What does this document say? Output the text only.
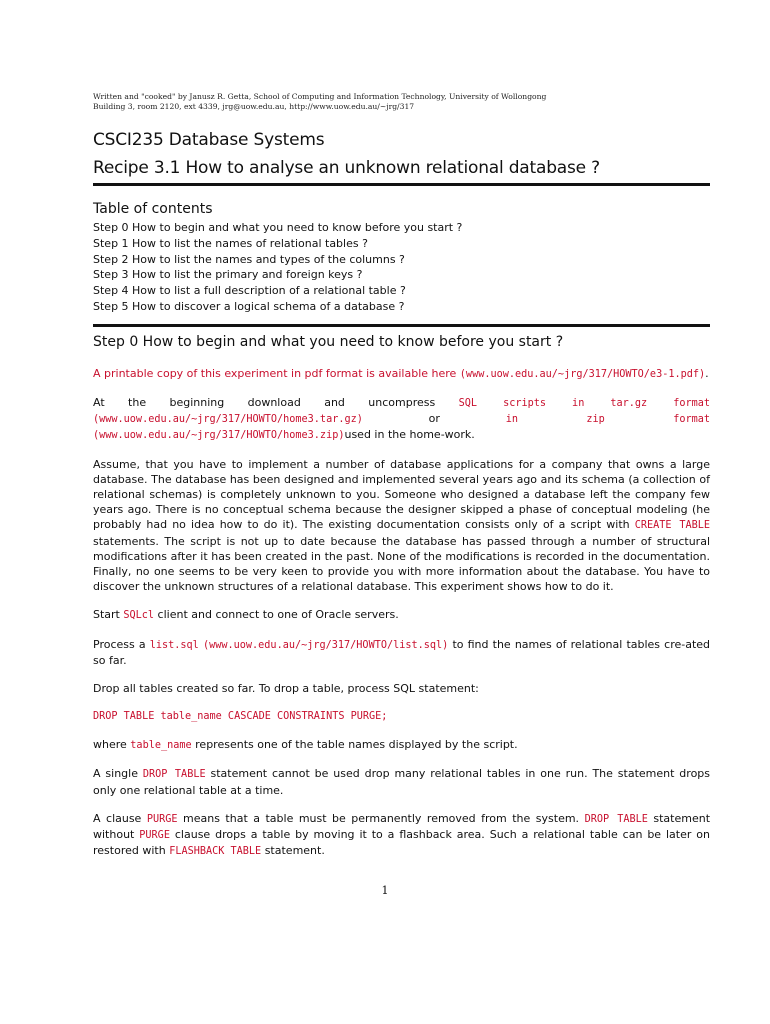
Written and "cooked" by Janusz R. Getta, School of Computing and Information Technology, University of Wollongong
Building 3, room 2120, ext 4339, jrg@uow.edu.au, http://www.uow.edu.au/~jrg/317

CSCI235 Database Systems
Recipe 3.1 How to analyse an unknown relational database ?
Table of contents
Step 0 How to begin and what you need to know before you start ?
Step 1 How to list the names of relational tables ?
Step 2 How to list the names and types of the columns ?
Step 3 How to list the primary and foreign keys ?
Step 4 How to list a full description of a relational table ?
Step 5 How to discover a logical schema of a database ?
Step 0 How to begin and what you need to know before you start ?

A printable copy of this experiment in pdf format is available here (www.uow.edu.au/~jrg/317/HOWTO/e3-1.pdf).

At the beginning download and uncompress SQL scripts in tar.gz format (www.uow.edu.au/~jrg/317/HOWTO/home3.tar.gz)	or	in zip format (www.uow.edu.au/~jrg/317/HOWTO/home3.zip)used in the home-work.

Assume, that you have to implement a number of database applications for a company that owns a large database. The database has been designed and implemented several years ago and its schema (a collection of relational schemas) is completely unknown to you. Someone who designed a database left the company few years ago. There is no conceptual schema because the designer skipped a phase of conceptual modeling (he probably had no idea how to do it). The existing documentation consists only of a script with CREATE TABLE statements. The script is not up to date because the database has passed through a number of structural modifications after it has been created in the past. None of the modifications is recorded in the documentation. Finally, no one seems to be very keen to provide you with more information about the database. You have to discover the unknown structures of a relational database. This experiment shows how to do it.

Start SQLcl client and connect to one of Oracle servers.

Process a list.sql (www.uow.edu.au/~jrg/317/HOWTO/list.sql) to find the names of relational tables cre-ated so far.

Drop all tables created so far. To drop a table, process SQL statement:

DROP TABLE table_name CASCADE CONSTRAINTS PURGE;

where table_name represents one of the table names displayed by the script.

A single DROP TABLE statement cannot be used drop many relational tables in one run. The statement drops only one relational table at a time.

A clause PURGE means that a table must be permanently removed from the system. DROP TABLE statement without PURGE clause drops a table by moving it to a flashback area. Such a relational table can be later on restored with FLASHBACK TABLE statement.

1
